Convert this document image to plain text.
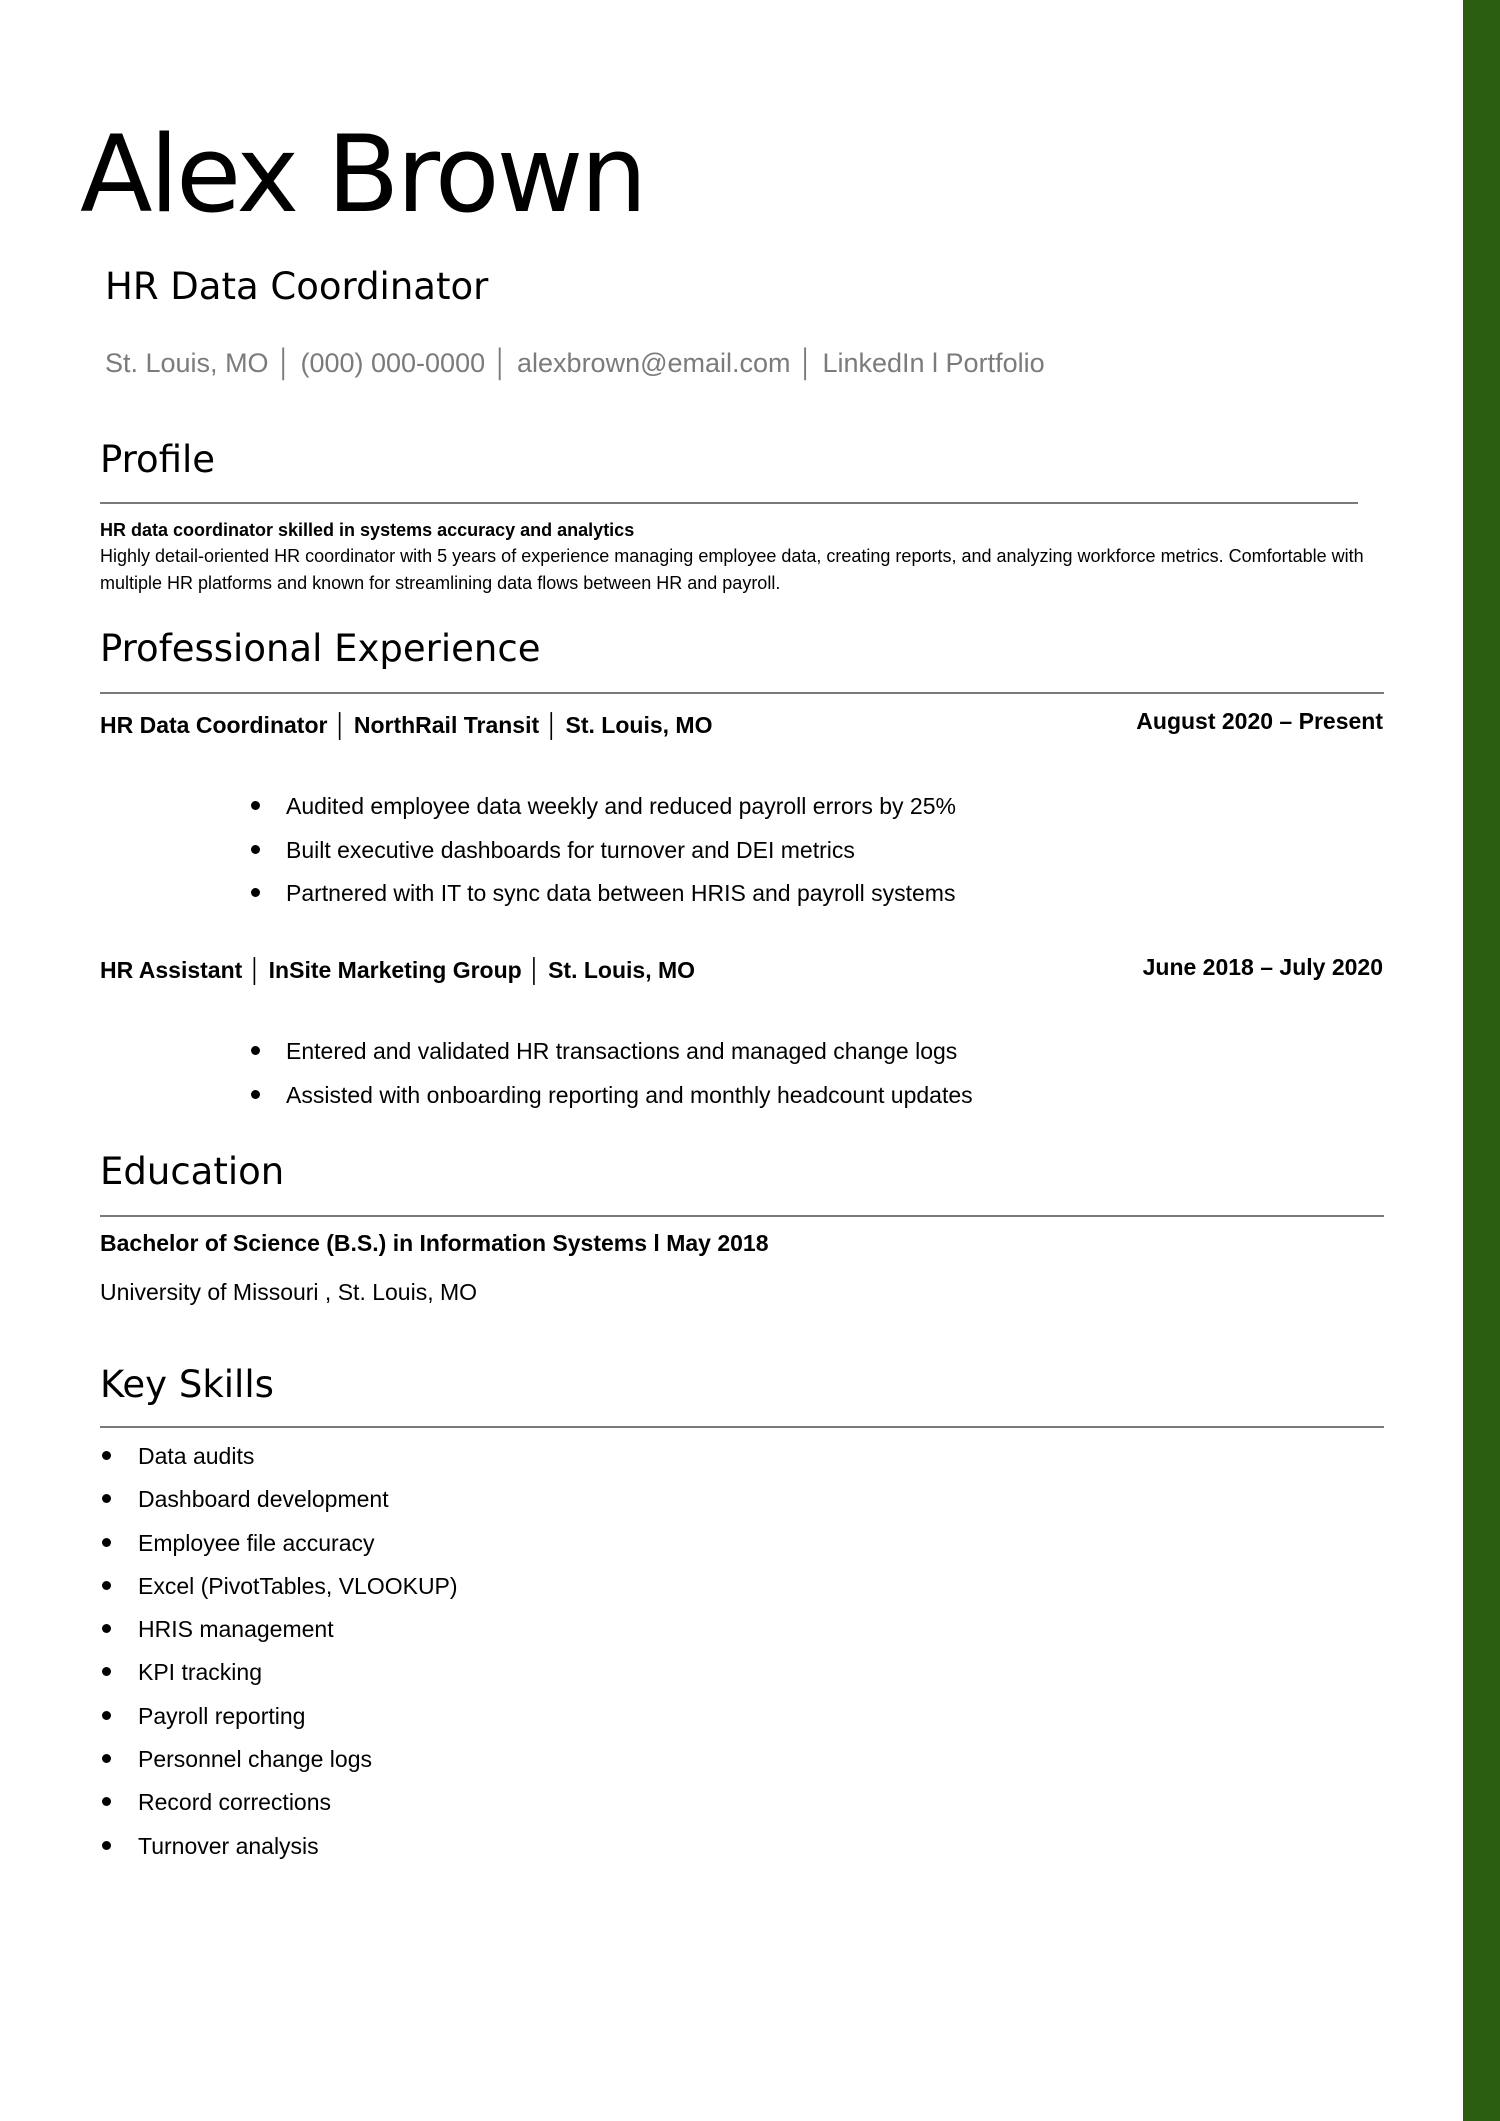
Alex Brown
HR Data Coordinator
St. Louis, MO │ (000) 000-0000 │ alexbrown@email.com │ LinkedIn l Portfolio
Profile
HR data coordinator skilled in systems accuracy and analytics
Highly detail-oriented HR coordinator with 5 years of experience managing employee data, creating reports, and analyzing workforce metrics. Comfortable with multiple HR platforms and known for streamlining data flows between HR and payroll.
Professional Experience
HR Data Coordinator │ NorthRail Transit │ St. Louis, MO	August 2020 – Present
Audited employee data weekly and reduced payroll errors by 25%
Built executive dashboards for turnover and DEI metrics
Partnered with IT to sync data between HRIS and payroll systems
HR Assistant │ InSite Marketing Group │ St. Louis, MO	June 2018 – July 2020
Entered and validated HR transactions and managed change logs
Assisted with onboarding reporting and monthly headcount updates
Education
Bachelor of Science (B.S.) in Information Systems l May 2018
University of Missouri , St. Louis, MO
Key Skills
Data audits
Dashboard development
Employee file accuracy
Excel (PivotTables, VLOOKUP)
HRIS management
KPI tracking
Payroll reporting
Personnel change logs
Record corrections
Turnover analysis
